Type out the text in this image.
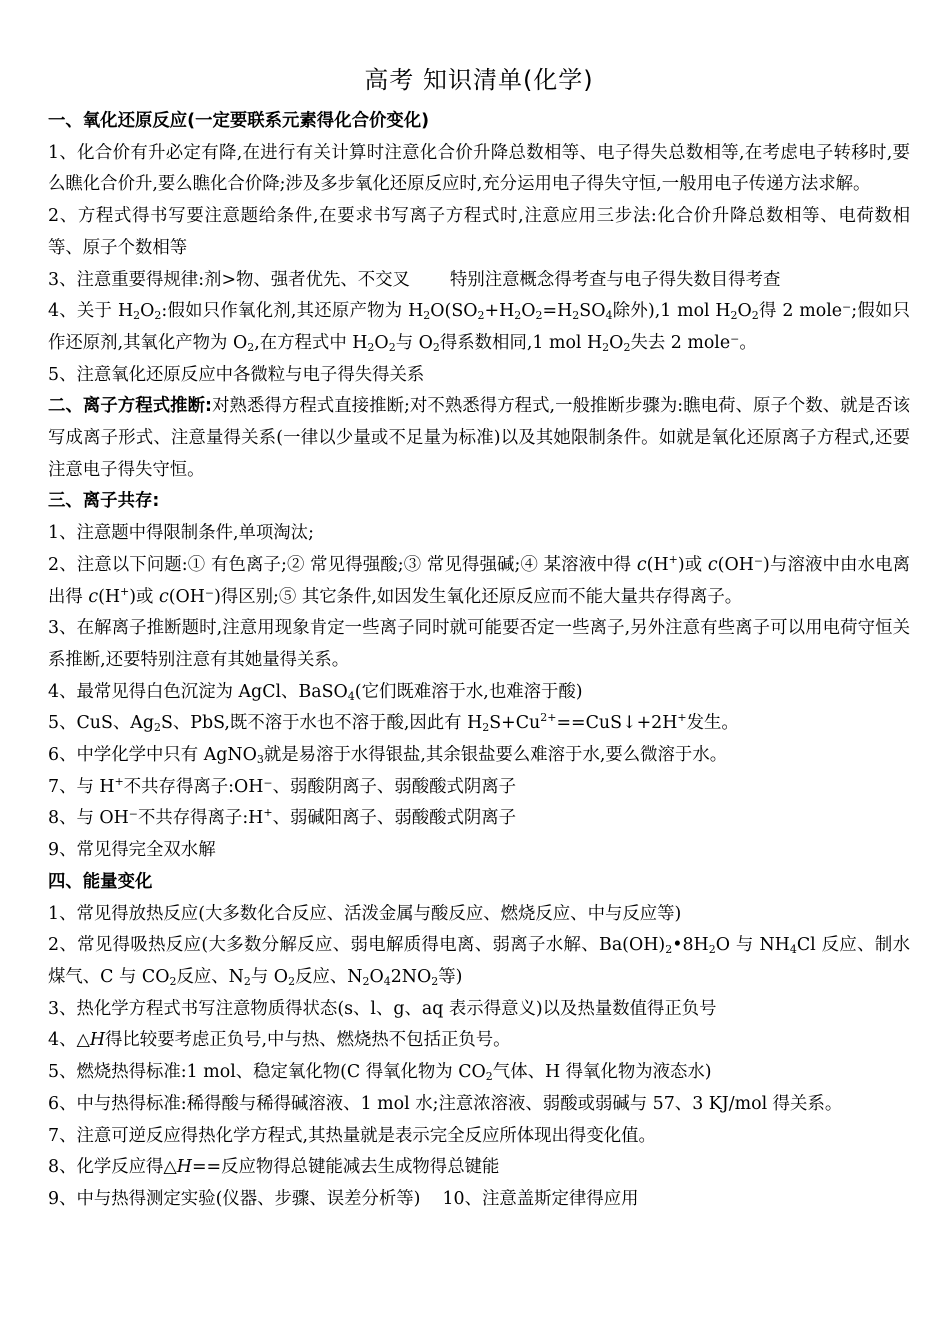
高考 知识清单(化学)
一、氧化还原反应(一定要联系元素得化合价变化)

1、化合价有升必定有降,在进行有关计算时注意化合价升降总数相等、电子得失总数相等,在考虑电子转移时,要么瞧化合价升,要么瞧化合价降;涉及多步氧化还原反应时,充分运用电子得失守恒,一般用电子传递方法求解。

2、方程式得书写要注意题给条件,在要求书写离子方程式时,注意应用三步法:化合价升降总数相等、电荷数相等、原子个数相等

3、注意重要得规律:剂>物、强者优先、不交叉 特别注意概念得考查与电子得失数目得考查

4、关于 $H_2O_2$:假如只作氧化剂,其还原产物为 $H_2O(SO_2+H_2O_2=H_2SO_4$除外),1 mol $H_2O_2$得 2 mole⁻;假如只作还原剂,其氧化产物为 $O_2$,在方程式中 $H_2O_2$与 $O_2$得系数相同,1 mol $H_2O_2$失去 2 mole⁻。

5、注意氧化还原反应中各微粒与电子得失得关系

二、离子方程式推断:对熟悉得方程式直接推断;对不熟悉得方程式,一般推断步骤为:瞧电荷、原子个数、就是否该写成离子形式、注意量得关系(一律以少量或不足量为标准)以及其她限制条件。如就是氧化还原离子方程式,还要注意电子得失守恒。

三、离子共存:

1、注意题中得限制条件,单项淘汰;

2、注意以下问题:① 有色离子;② 常见得强酸;③ 常见得强碱;④ 某溶液中得 c(H+)或 c(OH⁻)与溶液中由水电离出得 c(H+)或 c(OH⁻)得区别;⑤ 其它条件,如因发生氧化还原反应而不能大量共存得离子。

3、在解离子推断题时,注意用现象肯定一些离子同时就可能要否定一些离子,另外注意有些离子可以用电荷守恒关系推断,还要特别注意有其她量得关系。

4、最常见得白色沉淀为 AgCl、BaSO$_4$(它们既难溶于水,也难溶于酸)

5、CuS、$Ag_2S$、PbS,既不溶于水也不溶于酸,因此有 $H_2S+Cu^{2+}==CuS↓+2H^+$发生。

6、中学化学中只有 AgNO$_3$就是易溶于水得银盐,其余银盐要么难溶于水,要么微溶于水。

7、与 H+不共存得离子:OH⁻、弱酸阴离子、弱酸酸式阴离子

8、与 OH⁻不共存得离子:H+、弱碱阳离子、弱酸酸式阴离子

9、常见得完全双水解

四、能量变化

1、常见得放热反应(大多数化合反应、活泼金属与酸反应、燃烧反应、中与反应等)

2、常见得吸热反应(大多数分解反应、弱电解质得电离、弱离子水解、$Ba(OH)_2•8H_2O$ 与 $NH_4Cl$ 反应、制水煤气、C 与 $CO_2$反应、$N_2$与 $O_2$反应、$N_2O_42NO_2$等)

3、热化学方程式书写注意物质得状态(s、l、g、aq 表示得意义)以及热量数值得正负号

4、△H得比较要考虑正负号,中与热、燃烧热不包括正负号。

5、燃烧热得标准:1 mol、稳定氧化物(C 得氧化物为 $CO_2$气体、H 得氧化物为液态水)

6、中与热得标准:稀得酸与稀得碱溶液、1 mol 水;注意浓溶液、弱酸或弱碱与 57、3 KJ/mol 得关系。

7、注意可逆反应得热化学方程式,其热量就是表示完全反应所体现出得变化值。

8、化学反应得△H==反应物得总键能减去生成物得总键能

9、中与热得测定实验(仪器、步骤、误差分析等) 10、注意盖斯定律得应用
